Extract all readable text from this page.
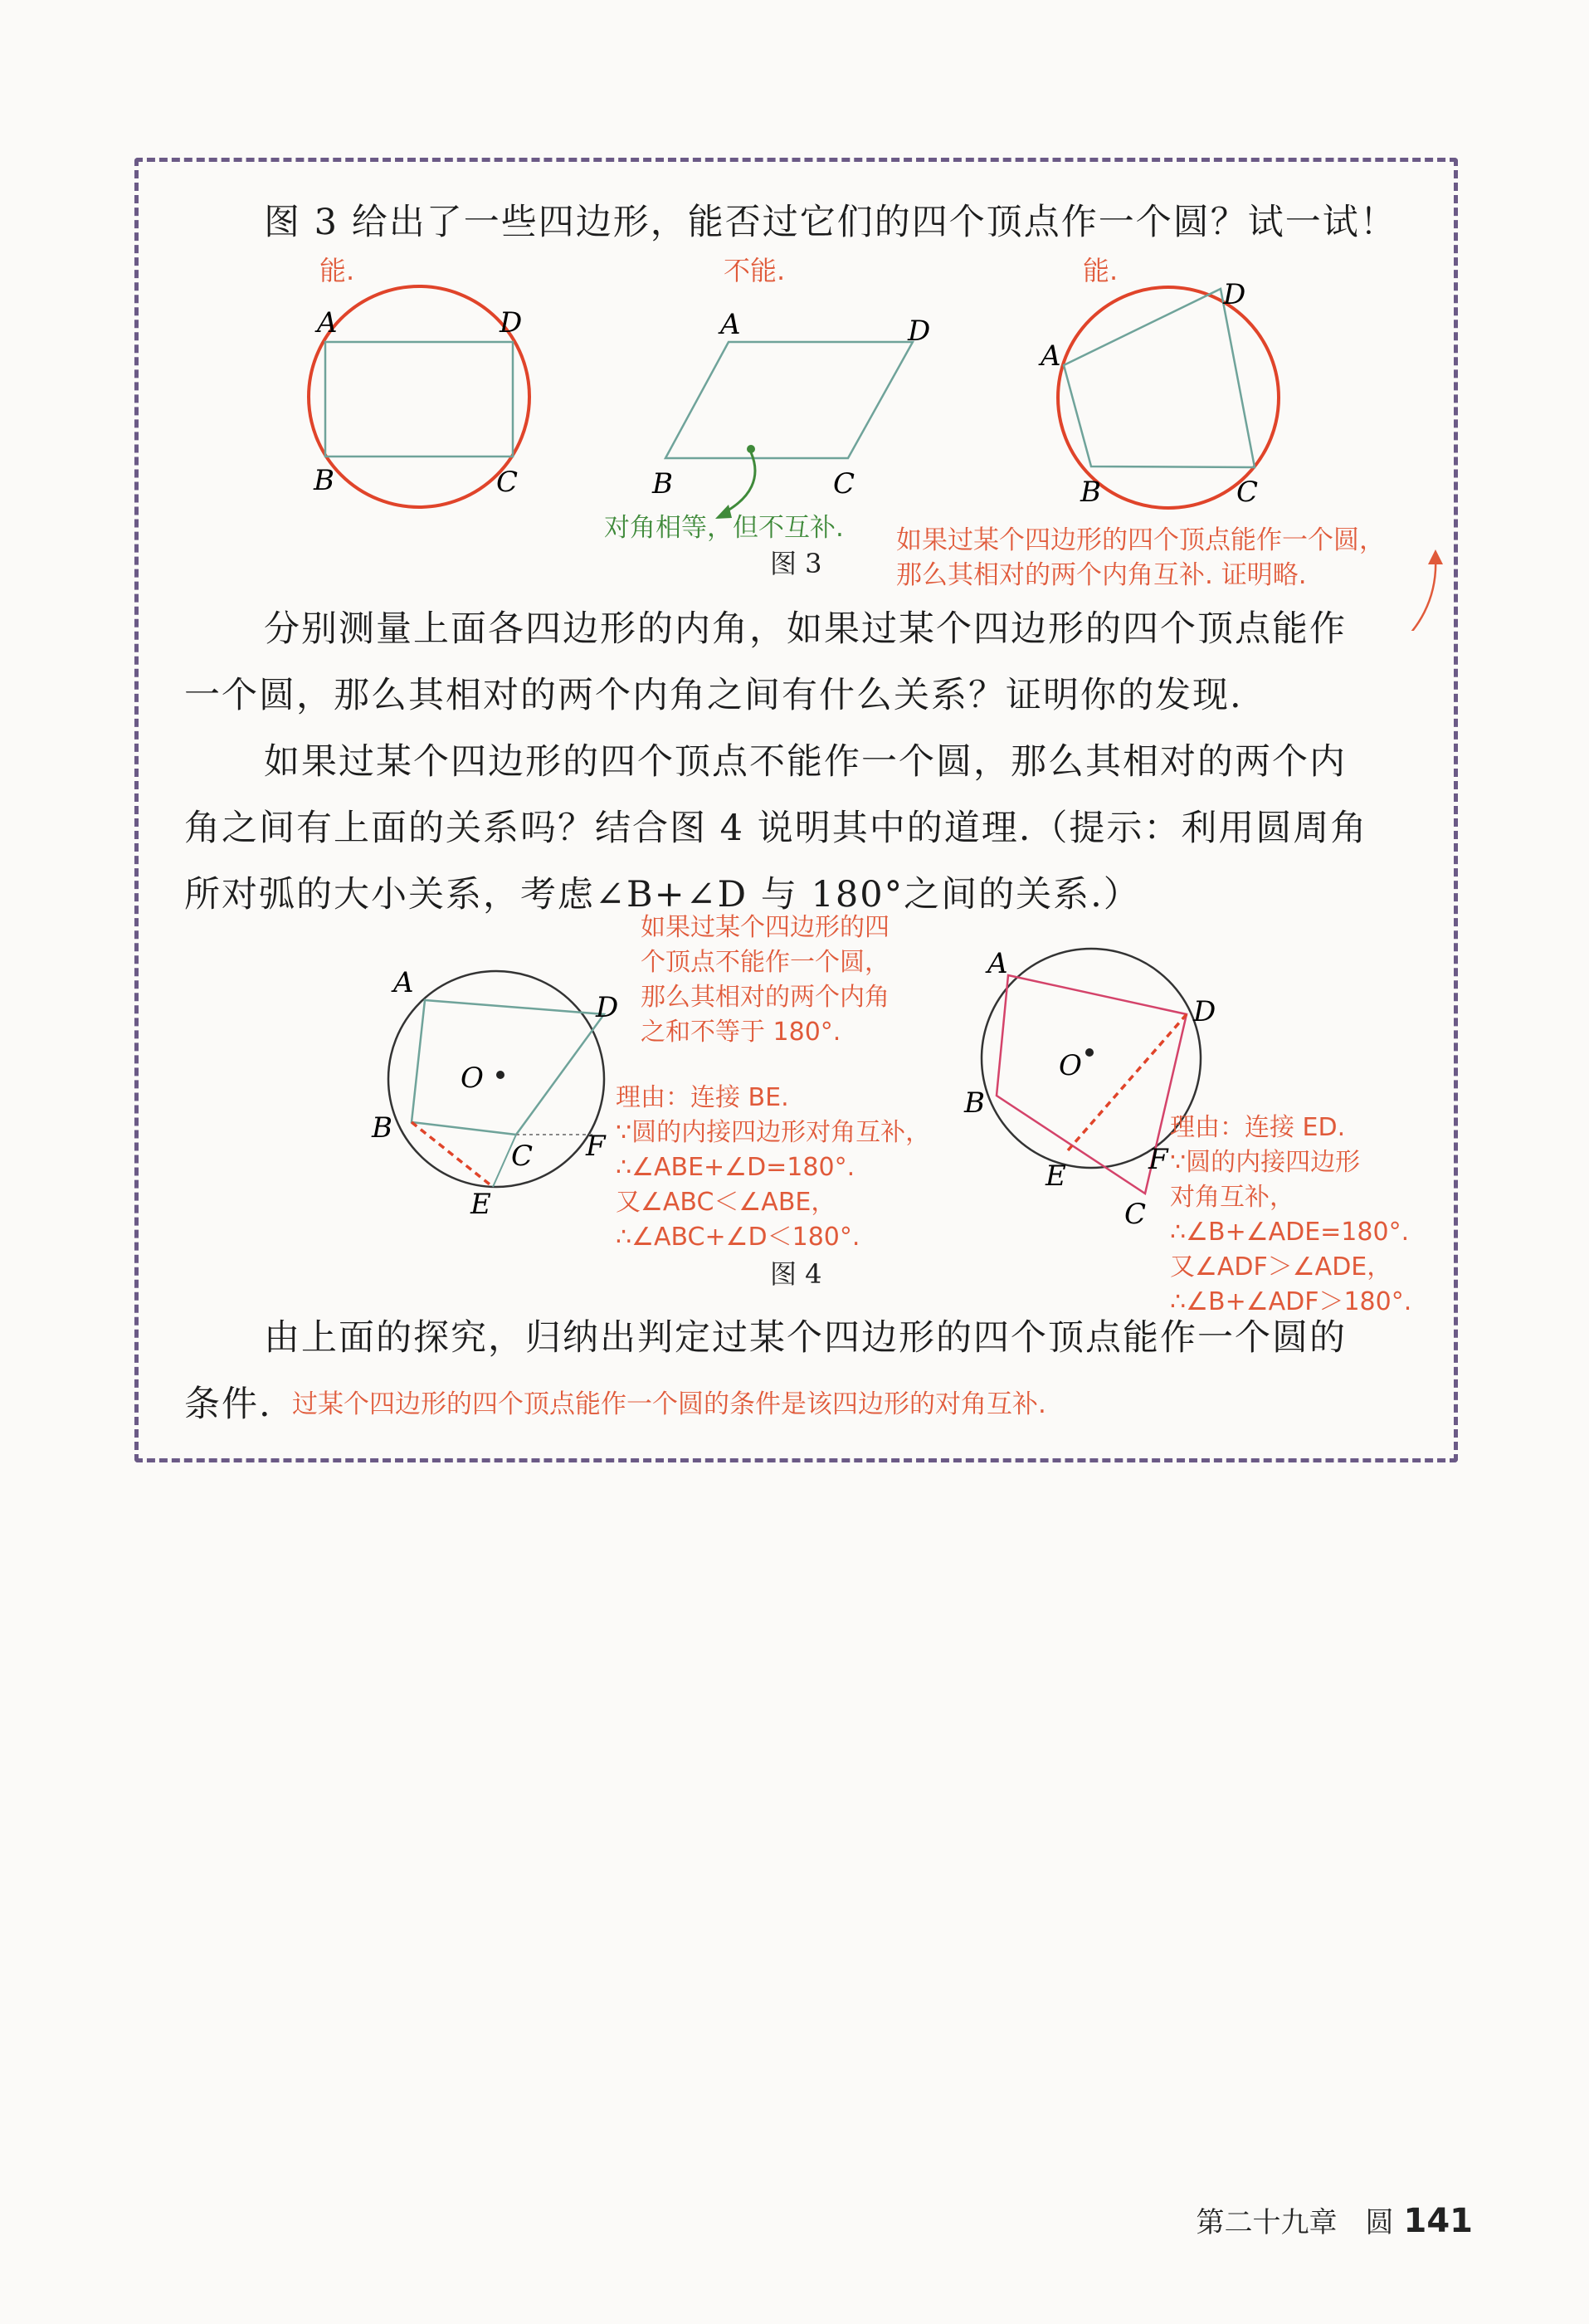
图 3 给出了一些四边形，能否过它们的四个顶点作一个圆？试一试！
能.	不能.	能.
A	D
B	C
A	D
B	C
A
D
B	C
对角相等，但不互补.
图 3
如果过某个四边形的四个顶点能作一个圆，
那么其相对的两个内角互补. 证明略.
分别测量上面各四边形的内角，如果过某个四边形的四个顶点能作
一个圆，那么其相对的两个内角之间有什么关系？证明你的发现.
如果过某个四边形的四个顶点不能作一个圆，那么其相对的两个内
角之间有上面的关系吗？结合图 4 说明其中的道理.（提示：利用圆周角
所对弧的大小关系，考虑∠B+∠D 与 180°之间的关系.）
A
D
O
B
C F
E
A
D
O
B
E	F
C
如果过某个四边形的四
个顶点不能作一个圆，
那么其相对的两个内角
之和不等于 180°.
理由：连接 BE.
∵圆的内接四边形对角互补，
∴∠ABE+∠D=180°.
又∠ABC＜∠ABE，
∴∠ABC+∠D＜180°.
理由：连接 ED.
∵圆的内接四边形
对角互补，
∴∠B+∠ADE=180°.
又∠ADF＞∠ADE，
∴∠B+∠ADF＞180°.
图 4
由上面的探究，归纳出判定过某个四边形的四个顶点能作一个圆的
条件. 过某个四边形的四个顶点能作一个圆的条件是该四边形的对角互补.
第二十九章　圆 141
